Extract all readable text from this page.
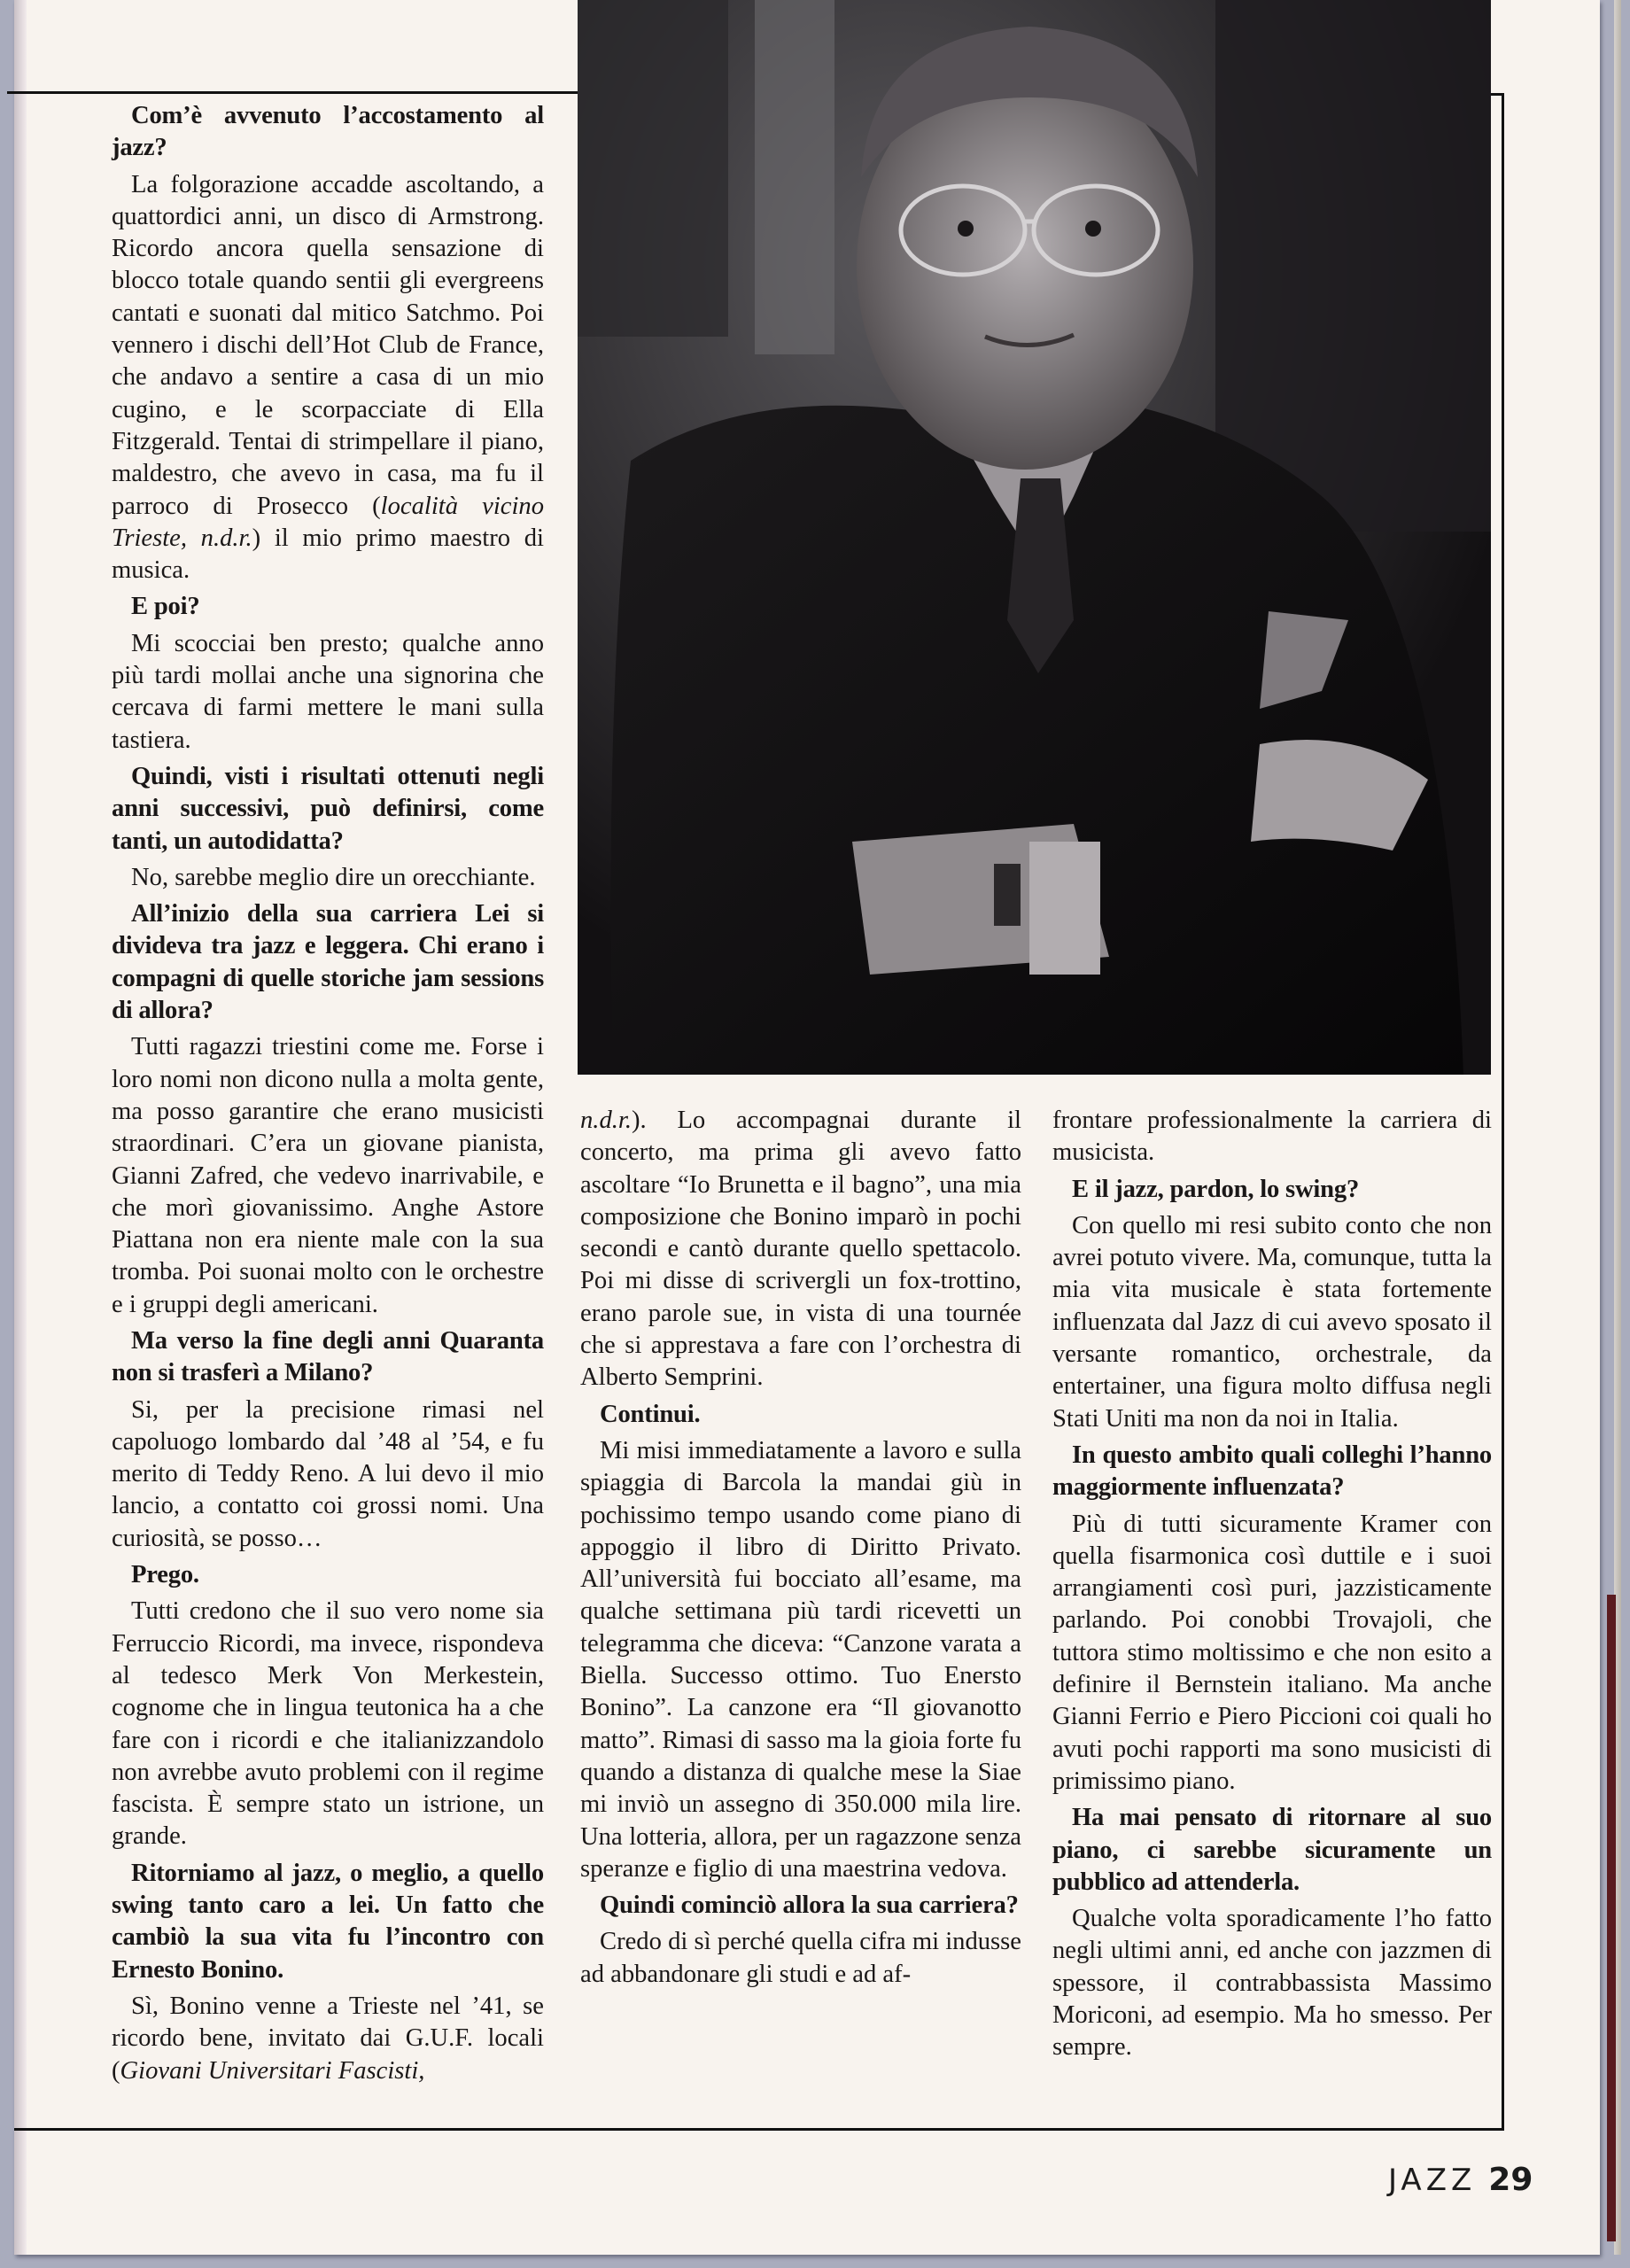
Com’è avvenuto l’accostamento al jazz?

La folgorazione accadde ascoltando, a quattordici anni, un disco di Armstrong. Ricordo ancora quella sensazione di blocco totale quando sentii gli evergreens cantati e suonati dal mitico Satchmo. Poi vennero i dischi dell’Hot Club de France, che andavo a sentire a casa di un mio cugino, e le scorpacciate di Ella Fitzgerald. Tentai di strimpellare il piano, maldestro, che avevo in casa, ma fu il parroco di Prosecco (località vicino Trieste, n.d.r.) il mio primo maestro di musica.

E poi?

Mi scocciai ben presto; qualche anno più tardi mollai anche una signorina che cercava di farmi mettere le mani sulla tastiera.

Quindi, visti i risultati ottenuti negli anni successivi, può definirsi, come tanti, un autodidatta?

No, sarebbe meglio dire un orecchiante.

All’inizio della sua carriera Lei si divideva tra jazz e leggera. Chi erano i compagni di quelle storiche jam sessions di allora?

Tutti ragazzi triestini come me. Forse i loro nomi non dicono nulla a molta gente, ma posso garantire che erano musicisti straordinari. C’era un giovane pianista, Gianni Zafred, che vedevo inarrivabile, e che morì giovanissimo. Anghe Astore Piattana non era niente male con la sua tromba. Poi suonai molto con le orchestre e i gruppi degli americani.

Ma verso la fine degli anni Quaranta non si trasferì a Milano?

Si, per la precisione rimasi nel capoluogo lombardo dal ’48 al ’54, e fu merito di Teddy Reno. A lui devo il mio lancio, a contatto coi grossi nomi. Una curiosità, se posso…

Prego.

Tutti credono che il suo vero nome sia Ferruccio Ricordi, ma invece, rispondeva al tedesco Merk Von Merkestein, cognome che in lingua teutonica ha a che fare con i ricordi e che italianizzandolo non avrebbe avuto problemi con il regime fascista. È sempre stato un istrione, un grande.

Ritorniamo al jazz, o meglio, a quello swing tanto caro a lei. Un fatto che cambiò la sua vita fu l’incontro con Ernesto Bonino.

Sì, Bonino venne a Trieste nel ’41, se ricordo bene, invitato dai G.U.F. locali (Giovani Universitari Fascisti,

n.d.r.). Lo accompagnai durante il concerto, ma prima gli avevo fatto ascoltare “Io Brunetta e il bagno”, una mia composizione che Bonino imparò in pochi secondi e cantò durante quello spettacolo. Poi mi disse di scrivergli un fox-trottino, erano parole sue, in vista di una tournée che si apprestava a fare con l’orchestra di Alberto Semprini.

Continui.

Mi misi immediatamente a lavoro e sulla spiaggia di Barcola la mandai giù in pochissimo tempo usando come piano di appoggio il libro di Diritto Privato. All’università fui bocciato all’esame, ma qualche settimana più tardi ricevetti un telegramma che diceva: “Canzone varata a Biella. Successo ottimo. Tuo Enersto Bonino”. La canzone era “Il giovanotto matto”. Rimasi di sasso ma la gioia forte fu quando a distanza di qualche mese la Siae mi inviò un assegno di 350.000 mila lire. Una lotteria, allora, per un ragazzone senza speranze e figlio di una maestrina vedova.

Quindi cominciò allora la sua carriera?

Credo di sì perché quella cifra mi indusse ad abbandonare gli studi e ad af-

frontare professionalmente la carriera di musicista.

E il jazz, pardon, lo swing?

Con quello mi resi subito conto che non avrei potuto vivere. Ma, comunque, tutta la mia vita musicale è stata fortemente influenzata dal Jazz di cui avevo sposato il versante romantico, orchestrale, da entertainer, una figura molto diffusa negli Stati Uniti ma non da noi in Italia.

In questo ambito quali colleghi l’hanno maggiormente influenzata?

Più di tutti sicuramente Kramer con quella fisarmonica così duttile e i suoi arrangiamenti così puri, jazzisticamente parlando. Poi conobbi Trovajoli, che tuttora stimo moltissimo e che non esito a definire il Bernstein italiano. Ma anche Gianni Ferrio e Piero Piccioni coi quali ho avuti pochi rapporti ma sono musicisti di primissimo piano.

Ha mai pensato di ritornare al suo piano, ci sarebbe sicuramente un pubblico ad attenderla.

Qualche volta sporadicamente l’ho fatto negli ultimi anni, ed anche con jazzmen di spessore, il contrabbassista Massimo Moriconi, ad esempio. Ma ho smesso. Per sempre.

JAZZ 29
